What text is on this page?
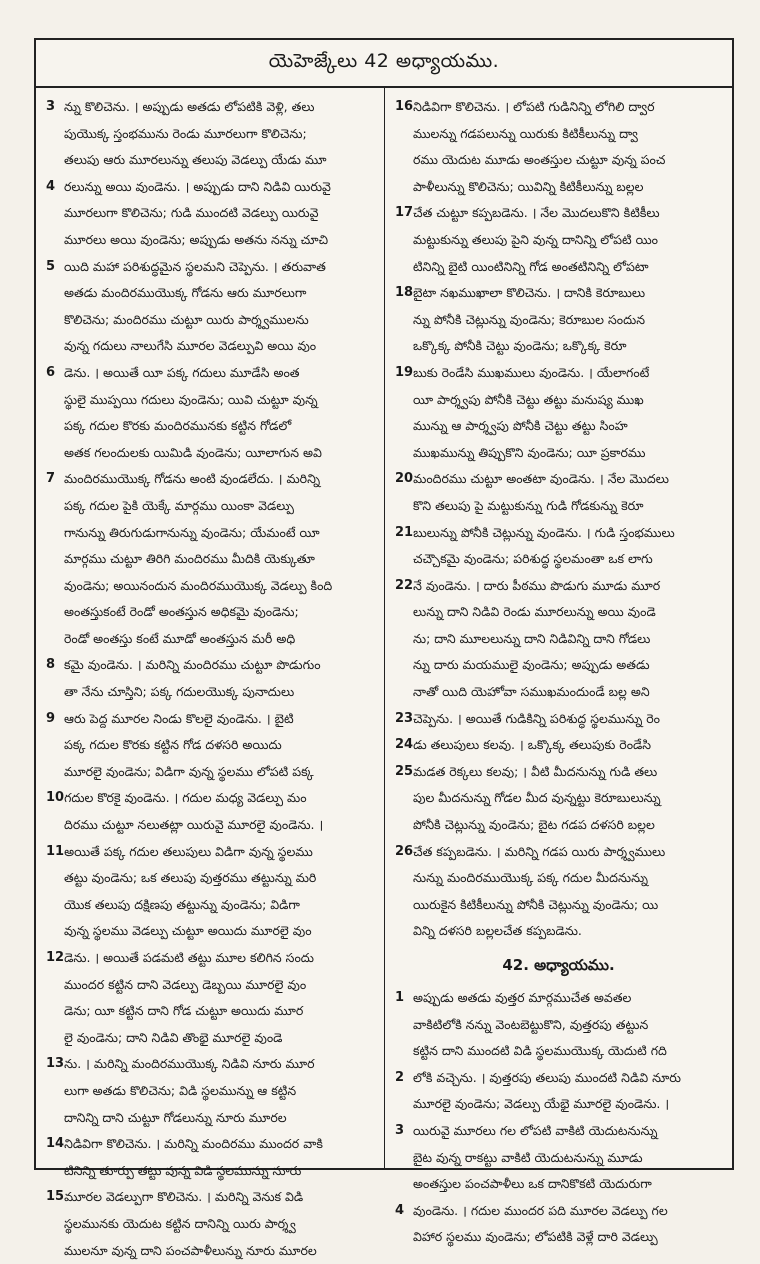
యెహెజ్కేలు 42 అధ్యాయము.
3 న్ను కొలిచెను. । అప్పుడు అతడు లోపటికి వెళ్లి, తలు
పుయొక్క స్తంభమును రెండు మూరలుగా కొలిచెను;
తలుపు ఆరు మూరలున్ను తలుపు వెడల్పు యేడు మూ
4 రలున్ను అయి వుండెను. । అప్పుడు దాని నిడివి యిరువై
మూరలుగా కొలిచెను; గుడి ముందటి వెడల్పు యిరువై
మూరలు అయి వుండెను; అప్పుడు అతను నన్ను చూచి
5 యిది మహా పరిశుద్ధమైన స్థలమని చెప్పెను. । తరువాత
అతడు మందిరముయొక్క గోడను ఆరు మూరలుగా
కొలిచెను; మందిరము చుట్టూ యిరు పార్శ్వములను
వున్న గదులు నాలుగేసి మూరల వెడల్పువి అయి వుం
6 డెను. । అయితే యీ పక్క గదులు మూడేసి అంత
స్థులై ముప్పయి గదులు వుండెను; యివి చుట్టూ వున్న
పక్క గదుల కొరకు మందిరమునకు కట్టిన గోడలో
అతక గలందులకు యిమిడి వుండెను; యీలాగున అవి
7 మందిరముయొక్క గోడను అంటి వుండలేదు. । మరిన్ని
పక్క గదుల పైకి యెక్కే మార్గము యింకా వెడల్పు
గానున్ను తిరుగుడుగానున్ను వుండెను; యేమంటే యీ
మార్గము చుట్టూ తిరిగి మందిరము మీదికి యెక్కుతూ
వుండెను; అయినందున మందిరముయొక్క వెడల్పు కింది
అంతస్తుకంటే రెండో అంతస్తున అధికమై వుండెను;
రెండో అంతస్తు కంటే మూడో అంతస్తున మరీ అధి
8 కమై వుండెను. । మరిన్ని మందిరము చుట్టూ పొడుగుం
తా నేను చూస్తిని; పక్క గదులయొక్క పునాదులు
9 ఆరు పెద్ద మూరల నిండు కొలలై వుండెను. । బైటి
పక్క గదుల కొరకు కట్టిన గోడ దళసరి అయిదు
మూరలై వుండెను; విడిగా వున్న స్థలము లోపటి పక్క
10 గదుల కొరకై వుండెను. । గదుల మధ్య వెడల్పు మం
దిరము చుట్టూ నలుతట్లా యిరువై మూరలై వుండెను. ।
11 అయితే పక్క గదుల తలుపులు విడిగా వున్న స్థలము
తట్టు వుండెను; ఒక తలుపు వుత్తరము తట్టున్ను మరి
యొక తలుపు దక్షిణపు తట్టున్ను వుండెను; విడిగా
వున్న స్థలము వెడల్పు చుట్టూ అయిదు మూరలై వుం
12 డెను. । అయితే పడమటి తట్టు మూల కలిగిన సందు
ముందర కట్టిన దాని వెడల్పు డెబ్బయి మూరలై వుం
డెను; యీ కట్టిన దాని గోడ చుట్టూ అయిదు మూర
లై వుండెను; దాని నిడివి తొంభై మూరలై వుండె
13 ను. । మరిన్ని మందిరముయొక్క నిడివి నూరు మూర
లుగా అతడు కొలిచెను; విడి స్థలమున్ను ఆ కట్టిన
దానిన్ని దాని చుట్టూ గోడలున్ను నూరు మూరల
14 నిడివిగా కొలిచెను. । మరిన్ని మందిరము ముందర వాకి
టినిన్ని తూర్పు తట్టు వున్న విడి స్థలమున్ను నూరు
15 మూరల వెడల్పుగా కొలిచెను. । మరిన్ని వెనుక విడి
స్థలమునకు యెదుట కట్టిన దానిన్ని యిరు పార్శ్వ
ములనూ వున్న దాని పంచపాళీలున్ను నూరు మూరల
16 నిడివిగా కొలిచెను. । లోపటి గుడినిన్ని లోగిలి ద్వార
ములన్ను గడపలున్ను యిరుకు కిటికీలున్ను ద్వా
రము యెదుట మూడు అంతస్తుల చుట్టూ వున్న పంచ
పాళీలున్ను కొలిచెను; యివిన్ని కిటికీలున్ను బల్లల
17 చేత చుట్టూ కప్పబడెను. । నేల మొదలుకొని కిటికీలు
మట్టుకున్ను తలుపు పైని వున్న దానిన్ని లోపటి యిం
టినిన్ని బైటి యింటినిన్ని గోడ అంతటినిన్ని లోపటా
18 బైటా నఖముఖాలా కొలిచెను. । దానికి కెరూబులు
న్ను పోనీకి చెట్లున్ను వుండెను; కెరూబుల సందున
ఒక్కొక్క పోనీకి చెట్టు వుండెను; ఒక్కొక్క కెరూ
19 బుకు రెండేసి ముఖములు వుండెను. । యేలాగంటే
యీ పార్శ్వపు పోనీకి చెట్టు తట్టు మనుష్య ముఖ
మున్ను ఆ పార్శ్వపు పోనీకి చెట్టు తట్టు సింహ
ముఖమున్ను తిప్పుకొని వుండెను; యీ ప్రకారము
20 మందిరము చుట్టూ అంతటా వుండెను. । నేల మొదలు
కొని తలుపు పై మట్టుకున్ను గుడి గోడకున్ను కెరూ
21 బులున్ను పోనీకి చెట్లున్ను వుండెను. । గుడి స్తంభములు
చచ్చౌకమై వుండెను; పరిశుద్ధ స్థలమంతా ఒక లాగు
22 నే వుండెను. । దారు పీఠము పొడుగు మూడు మూర
లున్ను దాని నిడివి రెండు మూరలున్ను అయి వుండె
ను; దాని మూలలున్ను దాని నిడివిన్ని దాని గోడలు
న్ను దారు మయములై వుండెను; అప్పుడు అతడు
నాతో యిది యెహోవా సముఖమందుండే బల్ల అని
23 చెప్పెను. । అయితే గుడికిన్ని పరిశుద్ధ స్థలమున్ను రెం
24 డు తలుపులు కలవు. । ఒక్కొక్క తలుపుకు రెండేసి
25 మడత రెక్కలు కలవు; । వీటి మీదనున్ను గుడి తలు
పుల మీదనున్ను గోడల మీద వున్నట్టు కెరూబులున్ను
పోనీకి చెట్లున్ను వుండెను; బైట గడప దళసరి బల్లల
26 చేత కప్పబడెను. । మరిన్ని గడప యిరు పార్శ్వములు
నున్ను మందిరముయొక్క పక్క గదుల మీదనున్ను
యిరుకైన కిటికీలున్ను పోనీకి చెట్లున్ను వుండెను; యి
విన్ని దళసరి బల్లలచేత కప్పబడెను.
42. అధ్యాయము.
1 అప్పుడు అతడు వుత్తర మార్గముచేత అవతల
వాకిటిలోకి నన్ను వెంటబెట్టుకొని, వుత్తరపు తట్టున
కట్టిన దాని ముందటి విడి స్థలముయొక్క యెదుటి గది
2 లోకి వచ్చెను. । వుత్తరపు తలుపు ముందటి నిడివి నూరు
మూరలై వుండెను; వెడల్పు యేభై మూరలై వుండెను. ।
3 యిరువై మూరలు గల లోపటి వాకిటి యెదుటనున్ను
బైట వున్న రాకట్టు వాకిటి యెదుటనున్ను మూడు
అంతస్తుల పంచపాళీలు ఒక దానికొకటి యెదురుగా
4 వుండెను. । గదుల ముందర పది మూరల వెడల్పు గల
విహార స్థలము వుండెను; లోపటికి వెళ్లే దారి వెడల్పు
